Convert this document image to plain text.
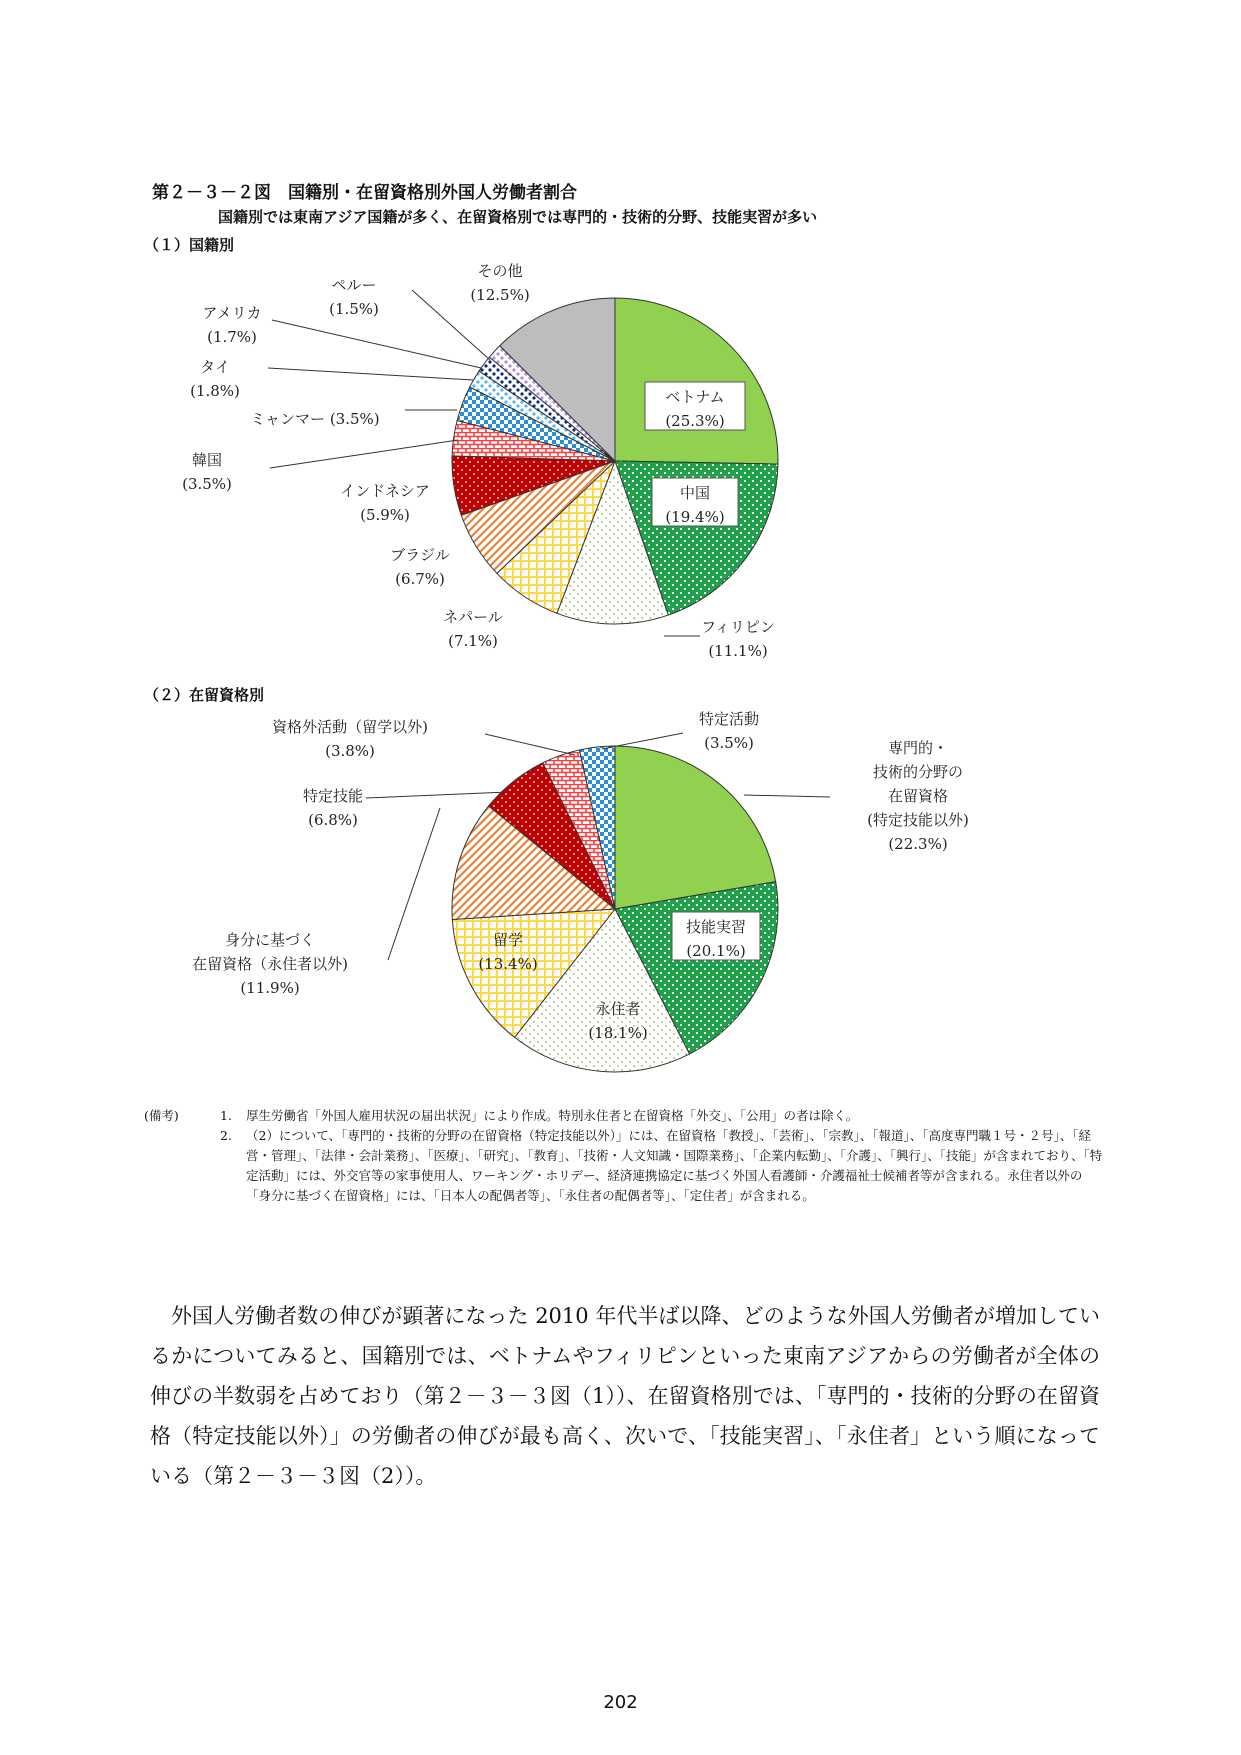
第２－３－２図　国籍別・在留資格別外国人労働者割合
国籍別では東南アジア国籍が多く、在留資格別では専門的・技術的分野、技能実習が多い
（１）国籍別
（２）在留資格別
ベトナム
(25.3%)
中国
(19.4%)
フィリピン
(11.1%)
ネパール
(7.1%)
ブラジル
(6.7%)
インドネシア
(5.9%)
韓国
(3.5%)
ミャンマー (3.5%)
タイ
(1.8%)
アメリカ
(1.7%)
ペルー
(1.5%)
その他
(12.5%)
専門的・
技術的分野の
在留資格
(特定技能以外)
(22.3%)
技能実習
(20.1%)
永住者
(18.1%)
留学
(13.4%)
身分に基づく
在留資格（永住者以外)
(11.9%)
特定技能
(6.8%)
資格外活動（留学以外)
(3.8%)
特定活動
(3.5%)
(備考)	1.	厚生労働省「外国人雇用状況の届出状況」により作成。特別永住者と在留資格「外交」、「公用」の者は除く。
2.	（2）について、「専門的・技術的分野の在留資格（特定技能以外）」には、在留資格「教授」、「芸術」、「宗教」、「報道」、「高度専門職１号・２号」、「経営・管理」、「法律・会計業務」、「医療」、「研究」、「教育」、「技術・人文知識・国際業務」、「企業内転勤」、「介護」、「興行」、「技能」が含まれており、「特定活動」には、外交官等の家事使用人、ワーキング・ホリデー、経済連携協定に基づく外国人看護師・介護福祉士候補者等が含まれる。永住者以外の「身分に基づく在留資格」には、「日本人の配偶者等」、「永住者の配偶者等」、「定住者」が含まれる。

外国人労働者数の伸びが顕著になった 2010 年代半ば以降、どのような外国人労働者が増加しているかについてみると、国籍別では、ベトナムやフィリピンといった東南アジアからの労働者が全体の伸びの半数弱を占めており（第２－３－３図（1））、在留資格別では、「専門的・技術的分野の在留資格（特定技能以外）」の労働者の伸びが最も高く、次いで、「技能実習」、「永住者」という順になっている（第２－３－３図（2））。

202
